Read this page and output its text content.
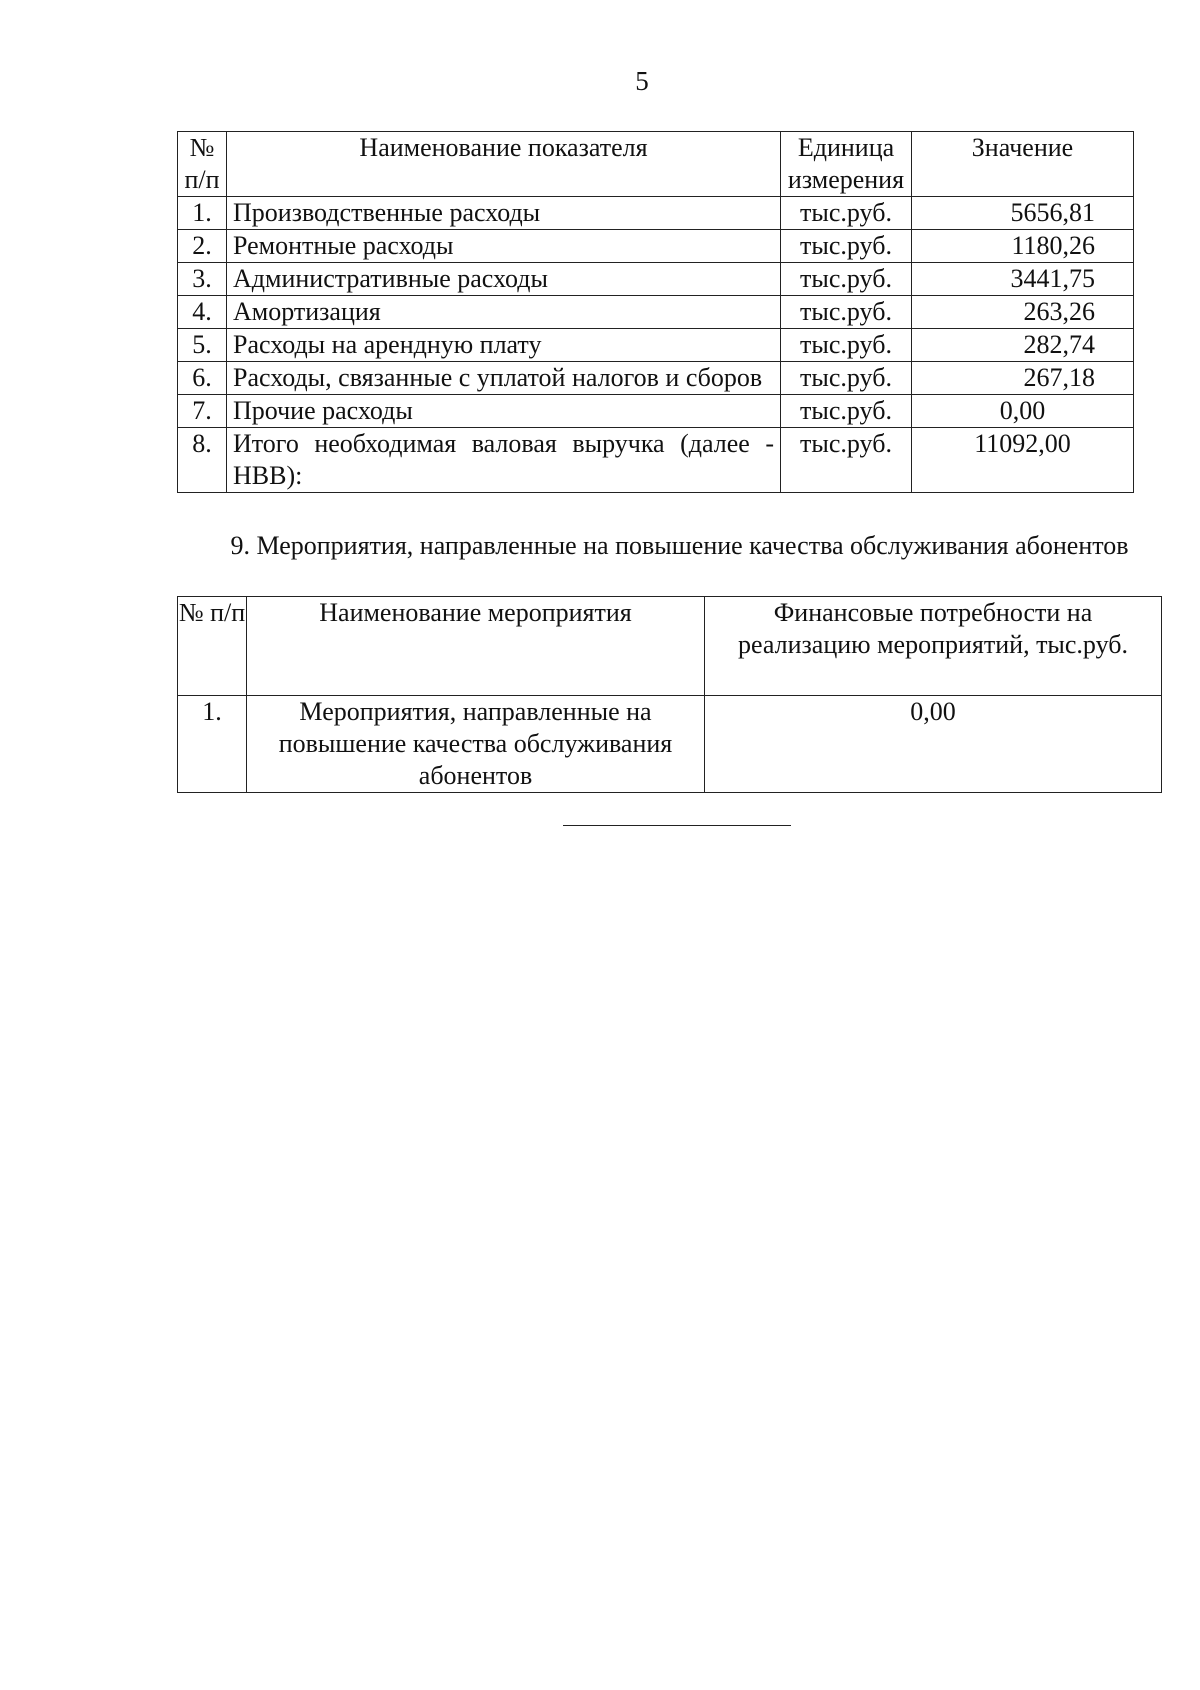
5
№ п/п	Наименование показателя	Единица измерения	Значение
1.	Производственные расходы	тыс.руб.	5656,81
2.	Ремонтные расходы	тыс.руб.	1180,26
3.	Административные расходы	тыс.руб.	3441,75
4.	Амортизация	тыс.руб.	263,26
5.	Расходы на арендную плату	тыс.руб.	282,74
6.	Расходы, связанные с уплатой налогов и сборов	тыс.руб.	267,18
7.	Прочие расходы	тыс.руб.	0,00
8.	Итого необходимая валовая выручка (далее - НВВ):	тыс.руб.	11092,00
9. Мероприятия, направленные на повышение качества обслуживания абонентов
№ п/п	Наименование мероприятия	Финансовые потребности на реализацию мероприятий, тыс.руб.
1.	Мероприятия, направленные на повышение качества обслуживания абонентов	0,00
